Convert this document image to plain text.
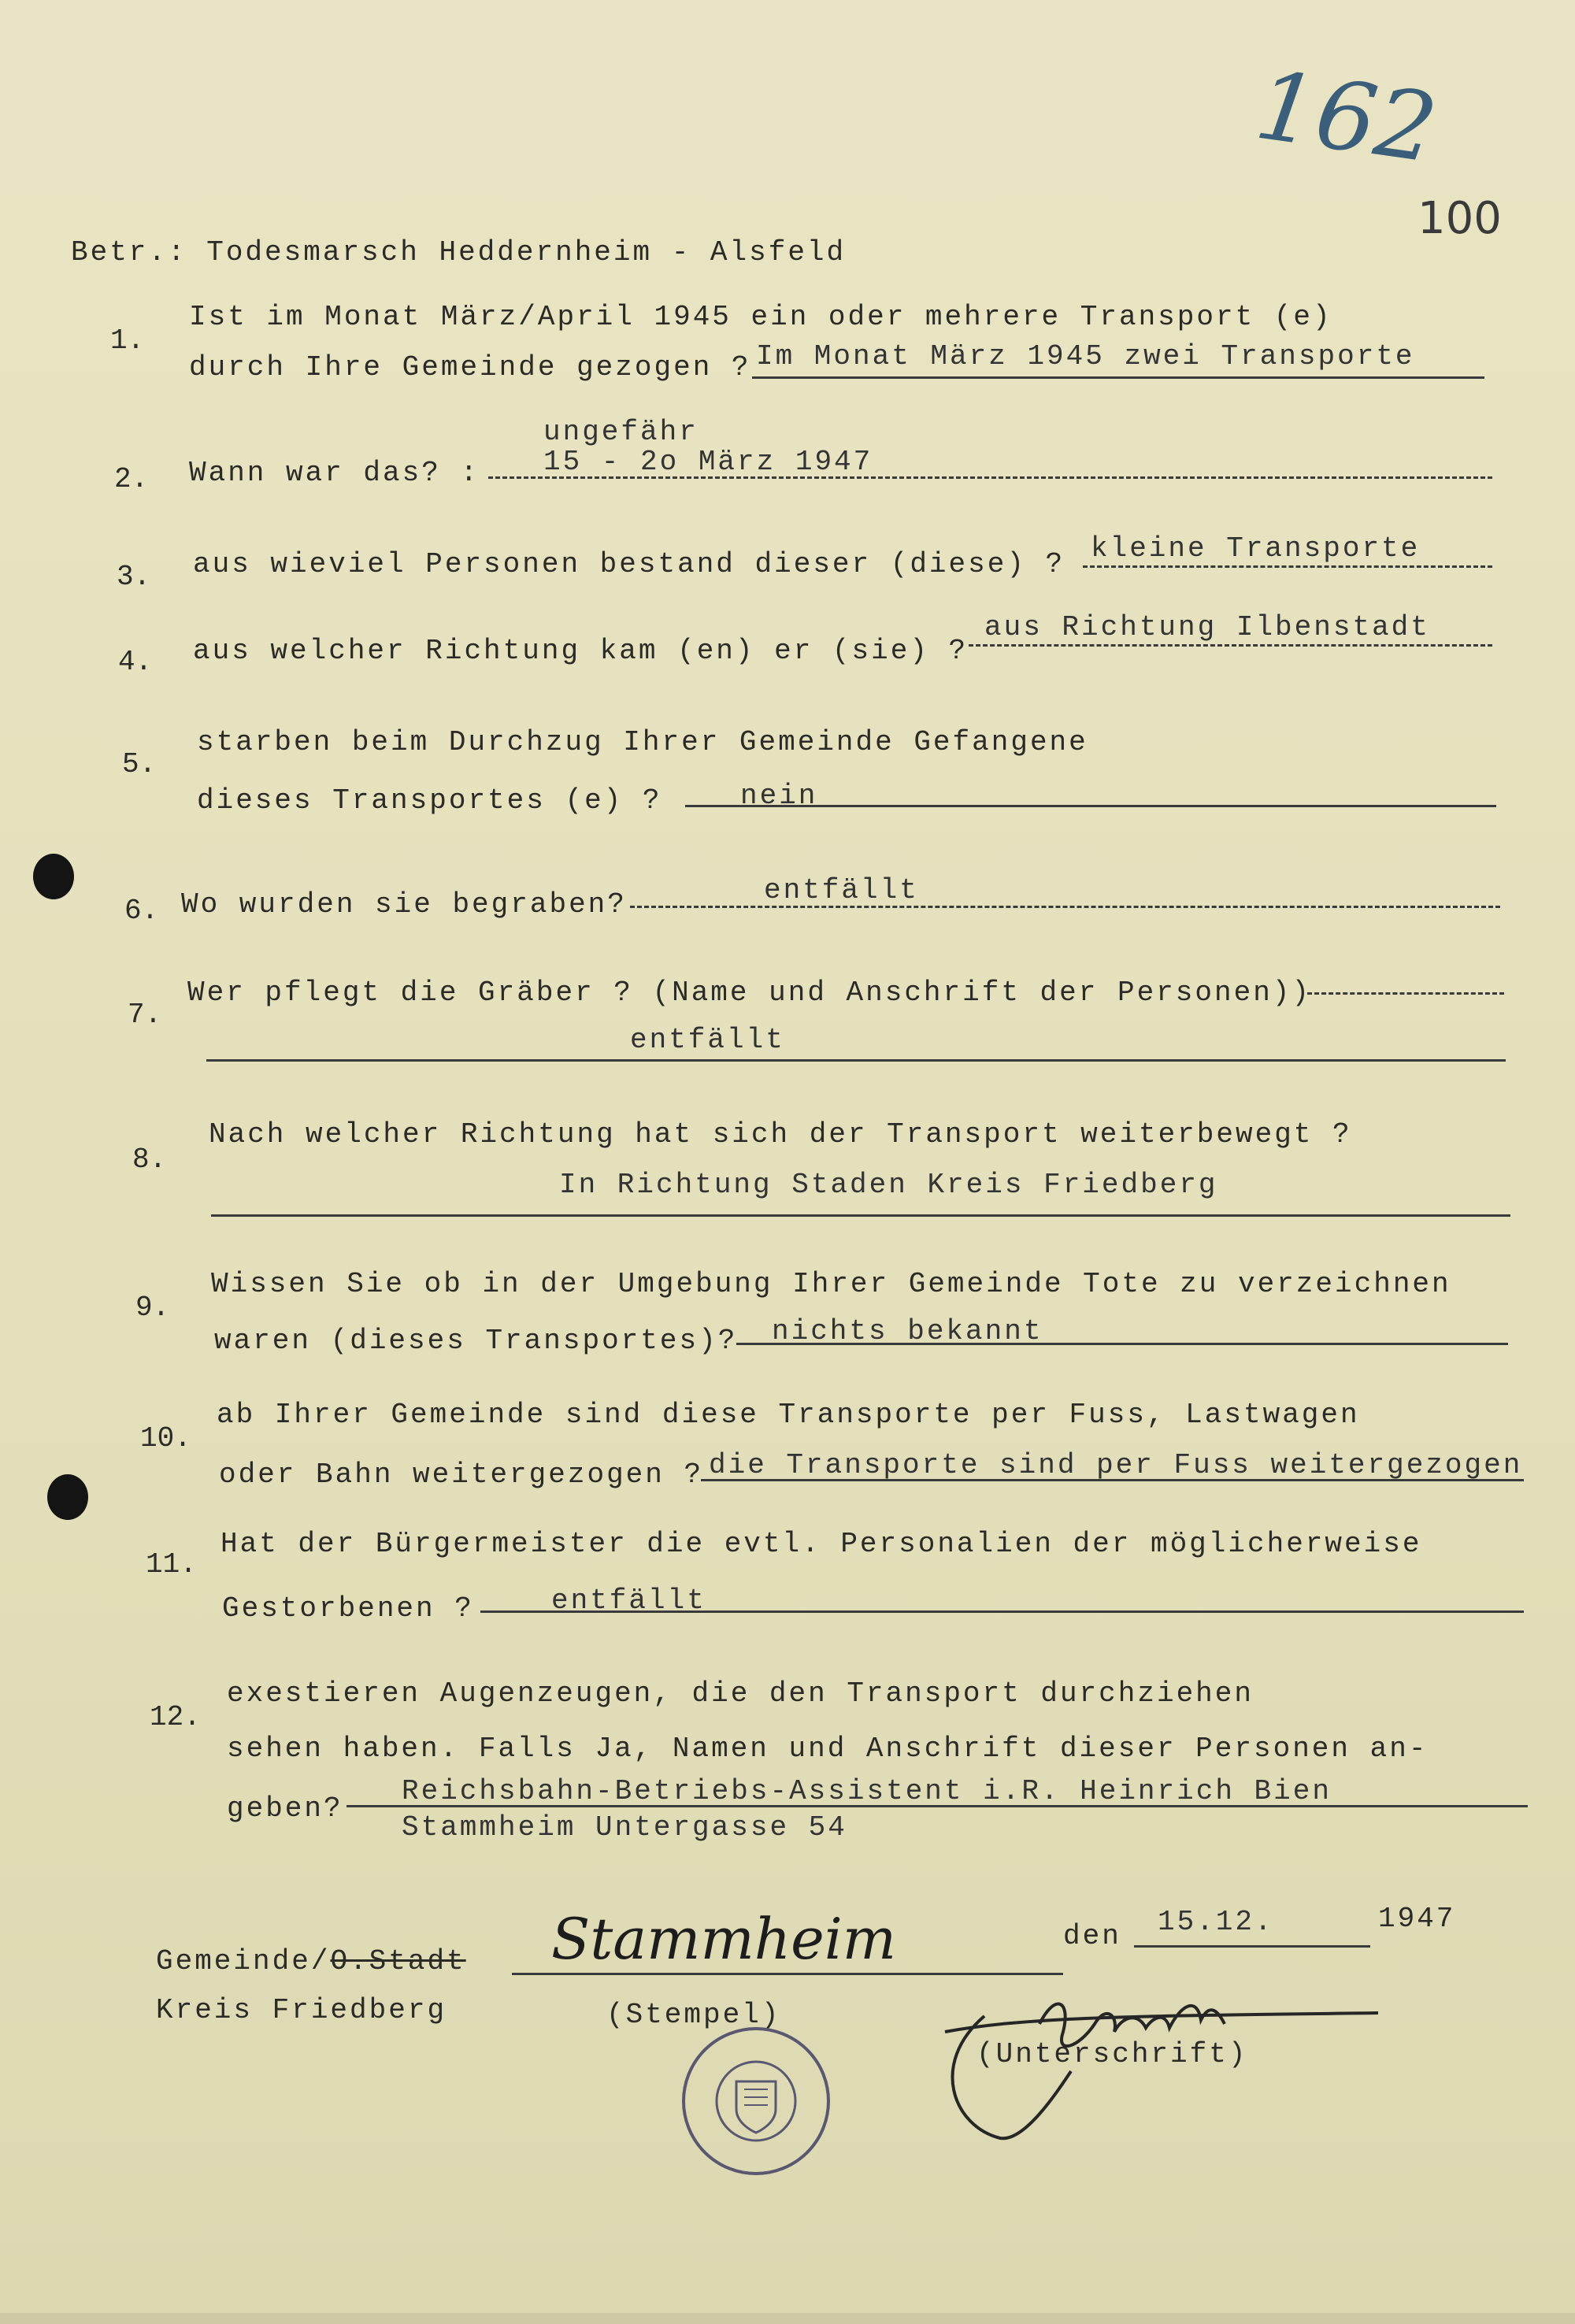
162
100
Betr.: Todesmarsch Heddernheim - Alsfeld
1.
Ist im Monat März/April 1945 ein oder mehrere Transport (e)
durch Ihre Gemeinde gezogen ? Im Monat März 1945 zwei Transporte
2. Wann war das? :
ungefähr
15 - 2o März 1947
3. aus wieviel Personen bestand dieser (diese) ? kleine Transporte
4. aus welcher Richtung kam (en) er (sie) ?
aus Richtung Ilbenstadt
5.
starben beim Durchzug Ihrer Gemeinde Gefangene
dieses Transportes (e) ?	nein
6. Wo wurden sie begraben?	entfällt
7.
Wer pflegt die Gräber ? (Name und Anschrift der Personen))
entfällt
8.
Nach welcher Richtung hat sich der Transport weiterbewegt ?
In Richtung Staden Kreis Friedberg
9.
Wissen Sie ob in der Umgebung Ihrer Gemeinde Tote zu verzeichnen
waren (dieses Transportes)? nichts bekannt
10.
ab Ihrer Gemeinde sind diese Transporte per Fuss, Lastwagen
oder Bahn weitergezogen ? die Transporte sind per Fuss weitergezogen
11.
Hat der Bürgermeister die evtl. Personalien der möglicherweise
Gestorbenen ?	entfällt
12.
exestieren Augenzeugen, die den Transport durchziehen
sehen haben. Falls Ja, Namen und Anschrift dieser Personen an-
geben?
Reichsbahn-Betriebs-Assistent i.R. Heinrich Bien
Stammheim Untergasse 54
Gemeinde/O.Stadt Stammheim	den 15.12.	1947
Kreis Friedberg	(Stempel)
(Unterschrift)
